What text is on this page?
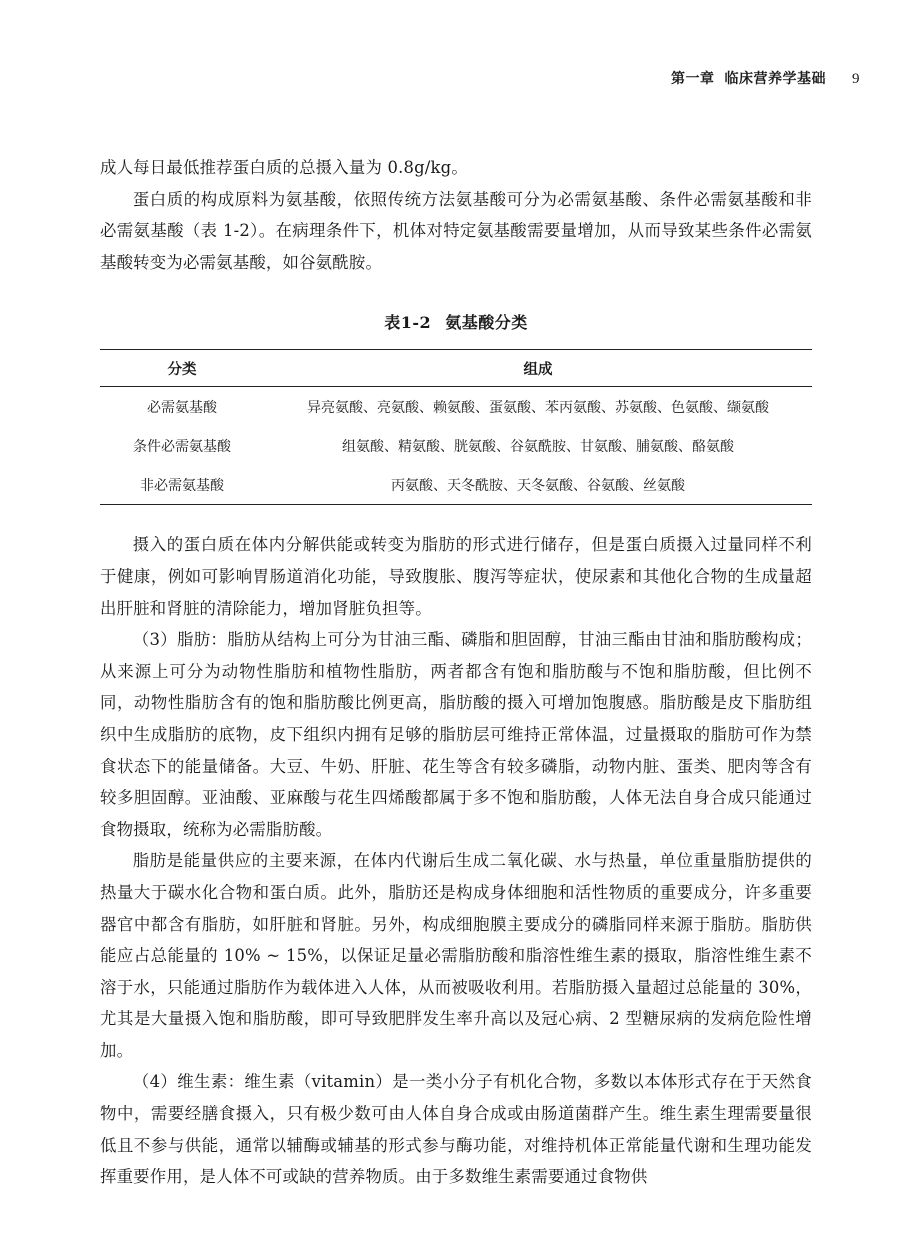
第一章 临床营养学基础 9

成人每日最低推荐蛋白质的总摄入量为 0.8g/kg。

蛋白质的构成原料为氨基酸，依照传统方法氨基酸可分为必需氨基酸、条件必需氨基酸和非必需氨基酸（表 1-2）。在病理条件下，机体对特定氨基酸需要量增加，从而导致某些条件必需氨基酸转变为必需氨基酸，如谷氨酰胺。

表1-2 氨基酸分类
分类	组成
必需氨基酸	异亮氨酸、亮氨酸、赖氨酸、蛋氨酸、苯丙氨酸、苏氨酸、色氨酸、缬氨酸
条件必需氨基酸	组氨酸、精氨酸、胱氨酸、谷氨酰胺、甘氨酸、脯氨酸、酪氨酸
非必需氨基酸	丙氨酸、天冬酰胺、天冬氨酸、谷氨酸、丝氨酸

摄入的蛋白质在体内分解供能或转变为脂肪的形式进行储存，但是蛋白质摄入过量同样不利于健康，例如可影响胃肠道消化功能，导致腹胀、腹泻等症状，使尿素和其他化合物的生成量超出肝脏和肾脏的清除能力，增加肾脏负担等。

（3）脂肪：脂肪从结构上可分为甘油三酯、磷脂和胆固醇，甘油三酯由甘油和脂肪酸构成；从来源上可分为动物性脂肪和植物性脂肪，两者都含有饱和脂肪酸与不饱和脂肪酸，但比例不同，动物性脂肪含有的饱和脂肪酸比例更高，脂肪酸的摄入可增加饱腹感。脂肪酸是皮下脂肪组织中生成脂肪的底物，皮下组织内拥有足够的脂肪层可维持正常体温，过量摄取的脂肪可作为禁食状态下的能量储备。大豆、牛奶、肝脏、花生等含有较多磷脂，动物内脏、蛋类、肥肉等含有较多胆固醇。亚油酸、亚麻酸与花生四烯酸都属于多不饱和脂肪酸，人体无法自身合成只能通过食物摄取，统称为必需脂肪酸。

脂肪是能量供应的主要来源，在体内代谢后生成二氧化碳、水与热量，单位重量脂肪提供的热量大于碳水化合物和蛋白质。此外，脂肪还是构成身体细胞和活性物质的重要成分，许多重要器官中都含有脂肪，如肝脏和肾脏。另外，构成细胞膜主要成分的磷脂同样来源于脂肪。脂肪供能应占总能量的 10% ~ 15%，以保证足量必需脂肪酸和脂溶性维生素的摄取，脂溶性维生素不溶于水，只能通过脂肪作为载体进入人体，从而被吸收利用。若脂肪摄入量超过总能量的 30%，尤其是大量摄入饱和脂肪酸，即可导致肥胖发生率升高以及冠心病、2 型糖尿病的发病危险性增加。

（4）维生素：维生素（vitamin）是一类小分子有机化合物，多数以本体形式存在于天然食物中，需要经膳食摄入，只有极少数可由人体自身合成或由肠道菌群产生。维生素生理需要量很低且不参与供能，通常以辅酶或辅基的形式参与酶功能，对维持机体正常能量代谢和生理功能发挥重要作用，是人体不可或缺的营养物质。由于多数维生素需要通过食物供
